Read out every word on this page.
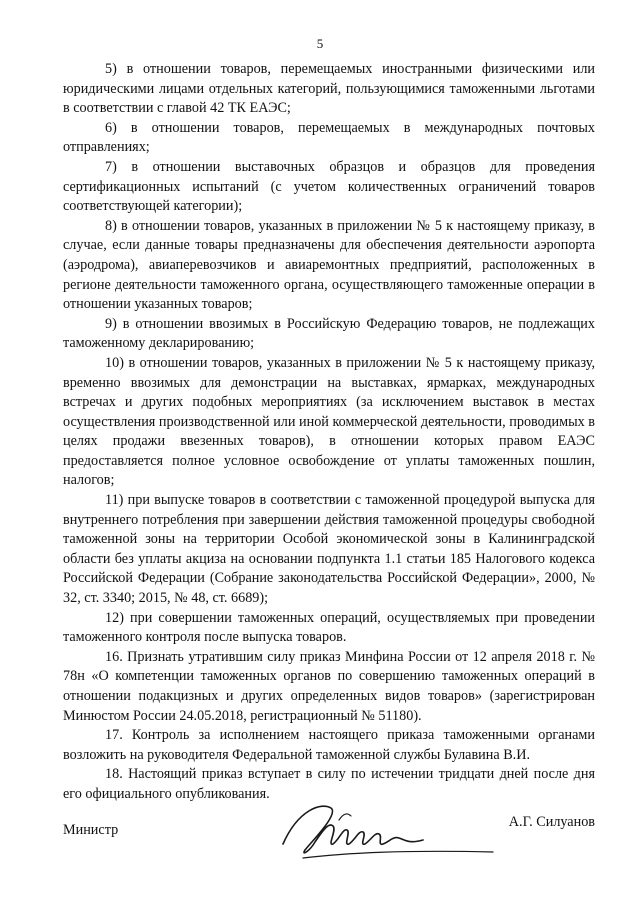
5

5) в отношении товаров, перемещаемых иностранными физическими или юридическими лицами отдельных категорий, пользующимися таможенными льготами в соответствии с главой 42 ТК ЕАЭС;

6) в отношении товаров, перемещаемых в международных почтовых отправлениях;

7) в отношении выставочных образцов и образцов для проведения сертификационных испытаний (с учетом количественных ограничений товаров соответствующей категории);

8) в отношении товаров, указанных в приложении № 5 к настоящему приказу, в случае, если данные товары предназначены для обеспечения деятельности аэропорта (аэродрома), авиаперевозчиков и авиаремонтных предприятий, расположенных в регионе деятельности таможенного органа, осуществляющего таможенные операции в отношении указанных товаров;

9) в отношении ввозимых в Российскую Федерацию товаров, не подлежащих таможенному декларированию;

10) в отношении товаров, указанных в приложении № 5 к настоящему приказу, временно ввозимых для демонстрации на выставках, ярмарках, международных встречах и других подобных мероприятиях (за исключением выставок в местах осуществления производственной или иной коммерческой деятельности, проводимых в целях продажи ввезенных товаров), в отношении которых правом ЕАЭС предоставляется полное условное освобождение от уплаты таможенных пошлин, налогов;

11) при выпуске товаров в соответствии с таможенной процедурой выпуска для внутреннего потребления при завершении действия таможенной процедуры свободной таможенной зоны на территории Особой экономической зоны в Калининградской области без уплаты акциза на основании подпункта 1.1 статьи 185 Налогового кодекса Российской Федерации (Собрание законодательства Российской Федерации», 2000, № 32, ст. 3340; 2015, № 48, ст. 6689);

12) при совершении таможенных операций, осуществляемых при проведении таможенного контроля после выпуска товаров.

16. Признать утратившим силу приказ Минфина России от 12 апреля 2018 г. № 78н «О компетенции таможенных органов по совершению таможенных операций в отношении подакцизных и других определенных видов товаров» (зарегистрирован Минюстом России 24.05.2018, регистрационный № 51180).

17. Контроль за исполнением настоящего приказа таможенными органами возложить на руководителя Федеральной таможенной службы Булавина В.И.

18. Настоящий приказ вступает в силу по истечении тридцати дней после дня его официального опубликования.

Министр	А.Г. Силуанов
